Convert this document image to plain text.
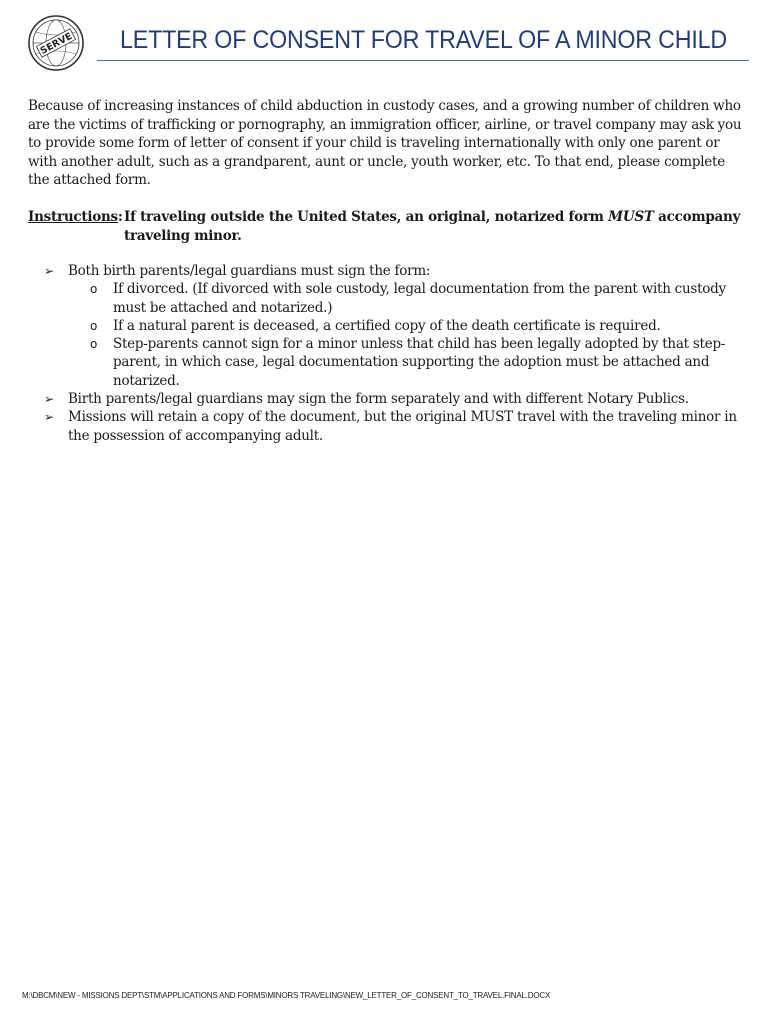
SERVE LETTER OF CONSENT FOR TRAVEL OF A MINOR CHILD

Because of increasing instances of child abduction in custody cases, and a growing number of children who are the victims of trafficking or pornography, an immigration officer, airline, or travel company may ask you to provide some form of letter of consent if your child is traveling internationally with only one parent or with another adult, such as a grandparent, aunt or uncle, youth worker, etc. To that end, please complete the attached form.

Instructions: If traveling outside the United States, an original, notarized form MUST accompany traveling minor.
➢ Both birth parents/legal guardians must sign the form:
o If divorced. (If divorced with sole custody, legal documentation from the parent with custody must be attached and notarized.)
o If a natural parent is deceased, a certified copy of the death certificate is required.
o Step-parents cannot sign for a minor unless that child has been legally adopted by that step-parent, in which case, legal documentation supporting the adoption must be attached and notarized.
➢ Birth parents/legal guardians may sign the form separately and with different Notary Publics.
➢ Missions will retain a copy of the document, but the original MUST travel with the traveling minor in the possession of accompanying adult.
M:\DBCM\NEW - MISSIONS DEPT\STM\APPLICATIONS AND FORMS\MINORS TRAVELING\NEW_LETTER_OF_CONSENT_TO_TRAVEL.FINAL.DOCX
